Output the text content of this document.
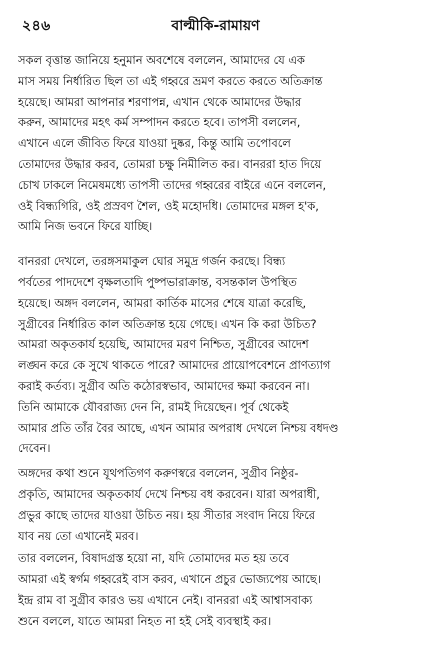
২৪৬	বাল্মীকি-রামায়ণ
সকল বৃত্তান্ত জানিয়ে হনুমান অবশেষে বললেন, আমাদের যে এক
মাস সময় নির্ধারিত ছিল তা এই গহ্বরে ভ্রমণ করতে করতে অতিক্রান্ত
হয়েছে। আমরা আপনার শরণাপন্ন, এখান থেকে আমাদের উদ্ধার
করুন, আমাদের মহৎ কর্ম সম্পাদন করতে হবে। তাপসী বললেন,
এখানে এলে জীবিত ফিরে যাওয়া দুষ্কর, কিন্তু আমি তপোবলে
তোমাদের উদ্ধার করব, তোমরা চক্ষু নিমীলিত কর। বানররা হাত দিয়ে
চোখ ঢাকলে নিমেষমধ্যে তাপসী তাদের গহ্বরের বাইরে এনে বললেন,
ওই বিন্ধ্যগিরি, ওই প্রস্রবণ শৈল, ওই মহোদধি। তোমাদের মঙ্গল হ'ক,
আমি নিজ ভবনে ফিরে যাচ্ছি।
বানররা দেখলে, তরঙ্গসমাকুল ঘোর সমুদ্র গর্জন করছে। বিন্ধ্য
পর্বতের পাদদেশে বৃক্ষলতাদি পুষ্পভারাক্রান্ত, বসন্তকাল উপস্থিত
হয়েছে। অঙ্গদ বললেন, আমরা কার্তিক মাসের শেষে যাত্রা করেছি,
সুগ্রীবের নির্ধারিত কাল অতিক্রান্ত হয়ে গেছে। এখন কি করা উচিত?
আমরা অকৃতকার্য হয়েছি, আমাদের মরণ নিশ্চিত, সুগ্রীবের আদেশ
লঙ্ঘন করে কে সুখে থাকতে পারে? আমাদের প্রায়োপবেশনে প্রাণত্যাগ
করাই কর্তব্য। সুগ্রীব অতি কঠোরস্বভাব, আমাদের ক্ষমা করবেন না।
তিনি আমাকে যৌবরাজ্য দেন নি, রামই দিয়েছেন। পূর্ব থেকেই
আমার প্রতি তাঁর বৈর আছে, এখন আমার অপরাধ দেখলে নিশ্চয় বধদণ্ড
দেবেন।
অঙ্গদের কথা শুনে যূথপতিগণ করুণস্বরে বললেন, সুগ্রীব নিষ্ঠুর-
প্রকৃতি, আমাদের অকৃতকার্য দেখে নিশ্চয় বধ করবেন। যারা অপরাধী,
প্রভুর কাছে তাদের যাওয়া উচিত নয়। হয় সীতার সংবাদ নিয়ে ফিরে
যাব নয় তো এখানেই মরব।
তার বললেন, বিষাদগ্রস্ত হয়ো না, যদি তোমাদের মত হয় তবে
আমরা এই স্বর্গম গহ্বরেই বাস করব, এখানে প্রচুর ভোজ্যপেয় আছে।
ইন্দ্র রাম বা সুগ্রীব কারও ভয় এখানে নেই। বানররা এই আশ্বাসবাক্য
শুনে বললে, যাতে আমরা নিহত না হই সেই ব্যবস্থাই কর।
